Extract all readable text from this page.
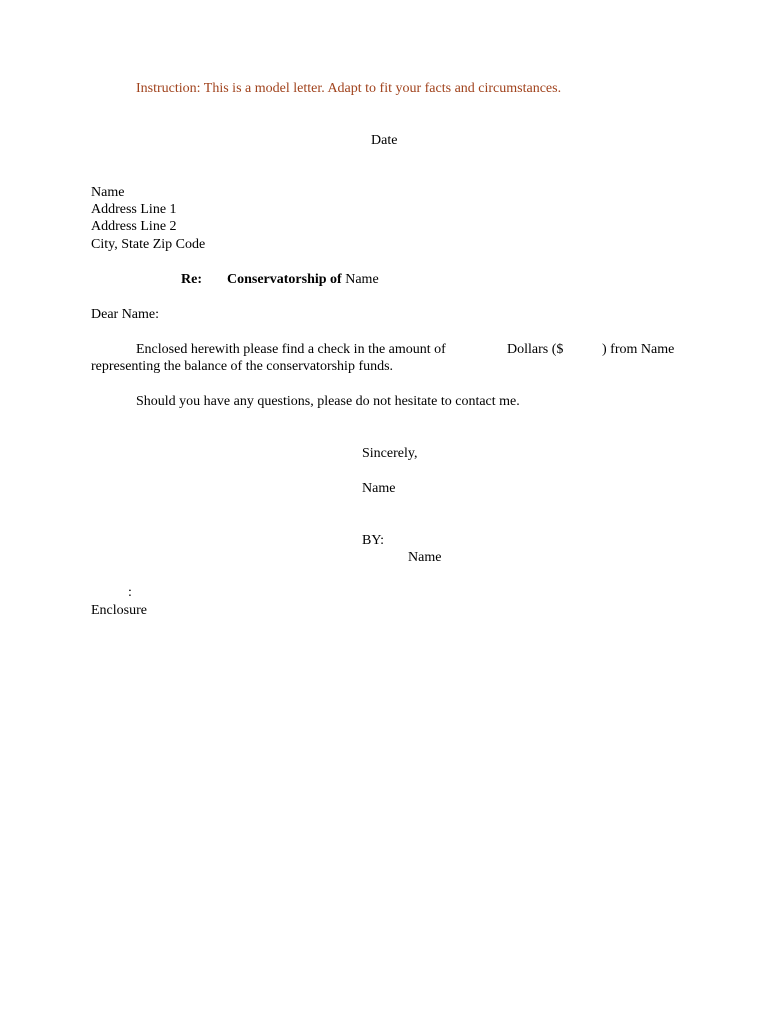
Instruction: This is a model letter. Adapt to fit your facts and circumstances.
Date
Name
Address Line 1
Address Line 2
City, State Zip Code
Re: Conservatorship of Name
Dear Name:
Enclosed herewith please find a check in the amount of	Dollars ($	) from Name
representing the balance of the conservatorship funds.
Should you have any questions, please do not hesitate to contact me.
Sincerely,
Name
BY:
Name
:
Enclosure
